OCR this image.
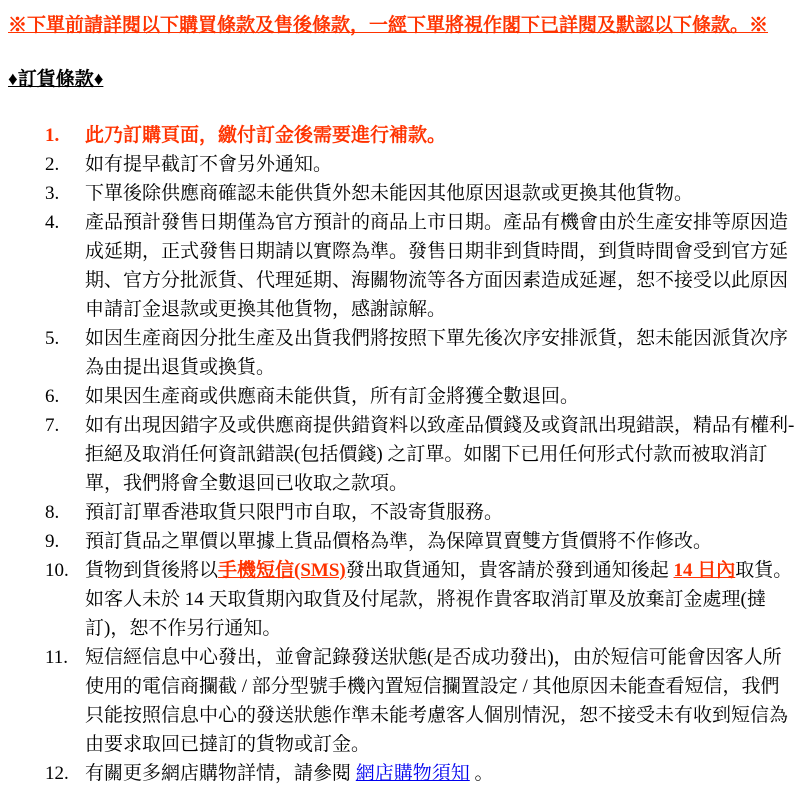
※下單前請詳閱以下購買條款及售後條款，一經下單將視作閣下已詳閱及默認以下條款。※
♦訂貨條款♦
1. 此乃訂購頁面，繳付訂金後需要進行補款。
2. 如有提早截訂不會另外通知。
3. 下單後除供應商確認未能供貨外恕未能因其他原因退款或更換其他貨物。
4. 產品預計發售日期僅為官方預計的商品上市日期。產品有機會由於生產安排等原因造成延期，正式發售日期請以實際為準。發售日期非到貨時間，到貨時間會受到官方延期、官方分批派貨、代理延期、海關物流等各方面因素造成延遲，恕不接受以此原因申請訂金退款或更換其他貨物，感謝諒解。
5. 如因生產商因分批生產及出貨我們將按照下單先後次序安排派貨，恕未能因派貨次序為由提出退貨或換貨。
6. 如果因生產商或供應商未能供貨，所有訂金將獲全數退回。
7. 如有出現因錯字及或供應商提供錯資料以致產品價錢及或資訊出現錯誤，精品有權利-拒絕及取消任何資訊錯誤(包括價錢) 之訂單。如閣下已用任何形式付款而被取消訂單，我們將會全數退回已收取之款項。
8. 預訂訂單香港取貨只限門市自取，不設寄貨服務。
9. 預訂貨品之單價以單據上貨品價格為準，為保障買賣雙方貨價將不作修改。
10. 貨物到貨後將以手機短信(SMS)發出取貨通知，貴客請於發到通知後起 14 日內取貨。如客人未於 14 天取貨期內取貨及付尾款，將視作貴客取消訂單及放棄訂金處理(撻訂)，恕不作另行通知。
11. 短信經信息中心發出，並會記錄發送狀態(是否成功發出)，由於短信可能會因客人所使用的電信商攔截 / 部分型號手機內置短信攔置設定 / 其他原因未能查看短信，我們只能按照信息中心的發送狀態作準未能考慮客人個別情況，恕不接受未有收到短信為由要求取回已撻訂的貨物或訂金。
12. 有關更多網店購物詳情，請參閱 網店購物須知 。
